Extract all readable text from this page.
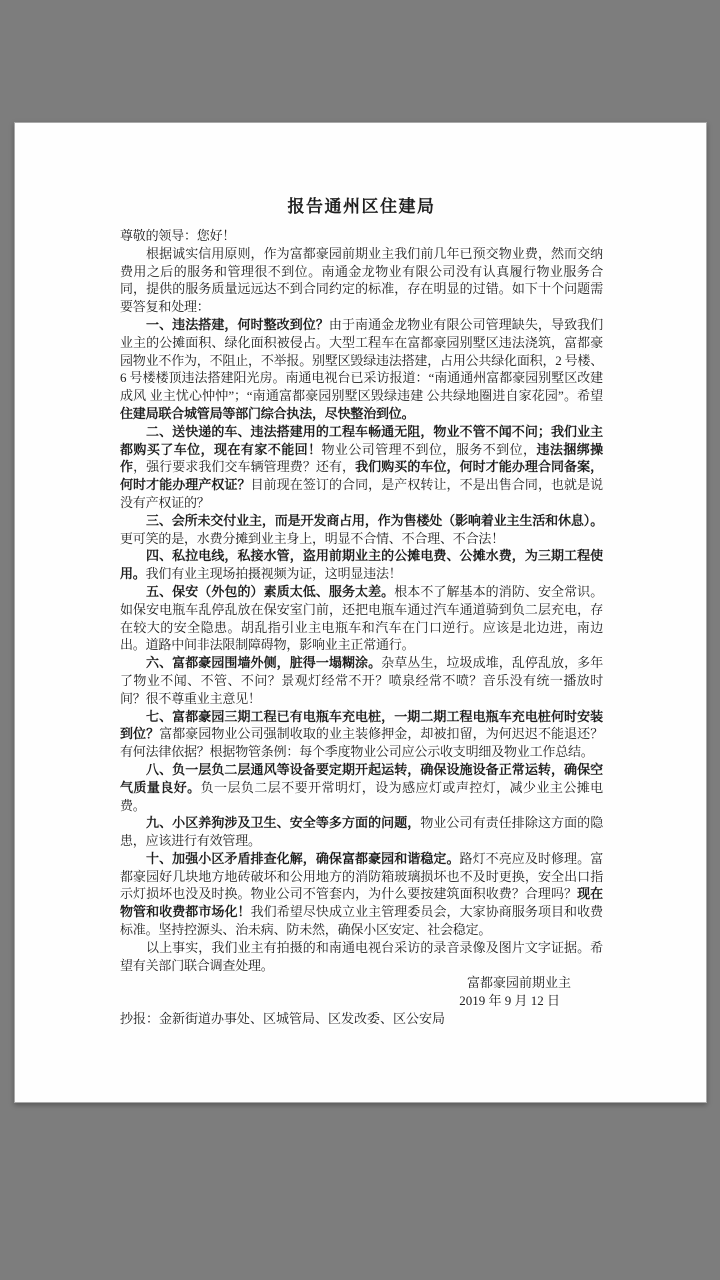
报告通州区住建局

尊敬的领导：您好！

根据诚实信用原则，作为富都豪园前期业主我们前几年已预交物业费，然而交纳费用之后的服务和管理很不到位。南通金龙物业有限公司没有认真履行物业服务合同，提供的服务质量远远达不到合同约定的标准，存在明显的过错。如下十个问题需要答复和处理：

一、违法搭建，何时整改到位？由于南通金龙物业有限公司管理缺失，导致我们业主的公摊面积、绿化面积被侵占。大型工程车在富都豪园别墅区违法浇筑，富都豪园物业不作为，不阻止，不举报。别墅区毁绿违法搭建，占用公共绿化面积，2 号楼、6 号楼楼顶违法搭建阳光房。南通电视台已采访报道：“南通通州富都豪园别墅区改建成风 业主忧心忡忡”；“南通富都豪园别墅区毁绿违建 公共绿地圈进自家花园”。希望住建局联合城管局等部门综合执法，尽快整治到位。

二、送快递的车、违法搭建用的工程车畅通无阻，物业不管不闻不问；我们业主都购买了车位，现在有家不能回！物业公司管理不到位，服务不到位，违法捆绑操作，强行要求我们交车辆管理费？还有，我们购买的车位，何时才能办理合同备案，何时才能办理产权证？目前现在签订的合同，是产权转让，不是出售合同，也就是说没有产权证的？

三、会所未交付业主，而是开发商占用，作为售楼处（影响着业主生活和休息）。更可笑的是，水费分摊到业主身上，明显不合情、不合理、不合法！

四、私拉电线，私接水管，盗用前期业主的公摊电费、公摊水费，为三期工程使用。我们有业主现场拍摄视频为证，这明显违法！

五、保安（外包的）素质太低、服务太差。根本不了解基本的消防、安全常识。如保安电瓶车乱停乱放在保安室门前，还把电瓶车通过汽车通道骑到负二层充电，存在较大的安全隐患。胡乱指引业主电瓶车和汽车在门口逆行。应该是北边进，南边出。道路中间非法限制障碍物，影响业主正常通行。

六、富都豪园围墙外侧，脏得一塌糊涂。杂草丛生，垃圾成堆，乱停乱放，多年了物业不闻、不管、不问？景观灯经常不开？喷泉经常不喷？音乐没有统一播放时间？很不尊重业主意见！

七、富都豪园三期工程已有电瓶车充电桩，一期二期工程电瓶车充电桩何时安装到位？富都豪园物业公司强制收取的业主装修押金，却被扣留，为何迟迟不能退还？有何法律依据？根据物管条例：每个季度物业公司应公示收支明细及物业工作总结。

八、负一层负二层通风等设备要定期开起运转，确保设施设备正常运转，确保空气质量良好。负一层负二层不要开常明灯，设为感应灯或声控灯，减少业主公摊电费。

九、小区养狗涉及卫生、安全等多方面的问题，物业公司有责任排除这方面的隐患，应该进行有效管理。

十、加强小区矛盾排查化解，确保富都豪园和谐稳定。路灯不亮应及时修理。富都豪园好几块地方地砖破坏和公用地方的消防箱玻璃损坏也不及时更换，安全出口指示灯损坏也没及时换。物业公司不管套内，为什么要按建筑面积收费？合理吗？现在物管和收费都市场化！我们希望尽快成立业主管理委员会，大家协商服务项目和收费标准。坚持控源头、治未病、防未然，确保小区安定、社会稳定。

以上事实，我们业主有拍摄的和南通电视台采访的录音录像及图片文字证据。希望有关部门联合调查处理。

富都豪园前期业主

2019 年 9 月 12 日

抄报：金新街道办事处、区城管局、区发改委、区公安局
